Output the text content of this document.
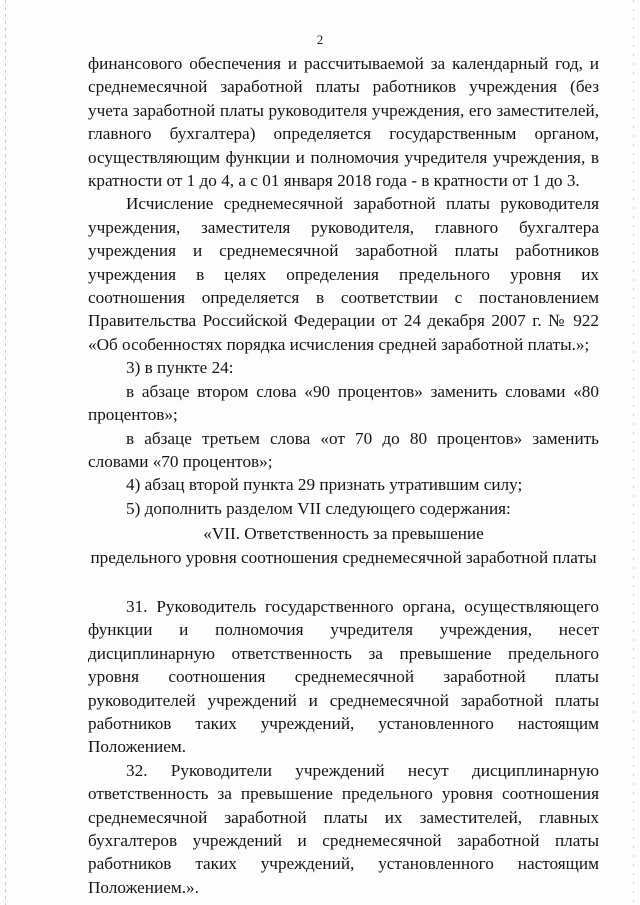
2

финансового обеспечения и рассчитываемой за календарный год, и среднемесячной заработной платы работников учреждения (без учета заработной платы руководителя учреждения, его заместителей, главного бухгалтера) определяется государственным органом, осуществляющим функции и полномочия учредителя учреждения, в кратности от 1 до 4, а с 01 января 2018 года - в кратности от 1 до 3.

Исчисление среднемесячной заработной платы руководителя учреждения, заместителя руководителя, главного бухгалтера учреждения и среднемесячной заработной платы работников учреждения в целях определения предельного уровня их соотношения определяется в соответствии с постановлением Правительства Российской Федерации от 24 декабря 2007 г. № 922 «Об особенностях порядка исчисления средней заработной платы.»;

3) в пункте 24:

в абзаце втором слова «90 процентов» заменить словами «80 процентов»;

в абзаце третьем слова «от 70 до 80 процентов» заменить словами «70 процентов»;

4) абзац второй пункта 29 признать утратившим силу;

5) дополнить разделом VII следующего содержания:

«VII. Ответственность за превышение

предельного уровня соотношения среднемесячной заработной платы

31. Руководитель государственного органа, осуществляющего функции и полномочия учредителя учреждения, несет дисциплинарную ответственность за превышение предельного уровня соотношения среднемесячной заработной платы руководителей учреждений и среднемесячной заработной платы работников таких учреждений, установленного настоящим Положением.

32. Руководители учреждений несут дисциплинарную ответственность за превышение предельного уровня соотношения среднемесячной заработной платы их заместителей, главных бухгалтеров учреждений и среднемесячной заработной платы работников таких учреждений, установленного настоящим Положением.».
